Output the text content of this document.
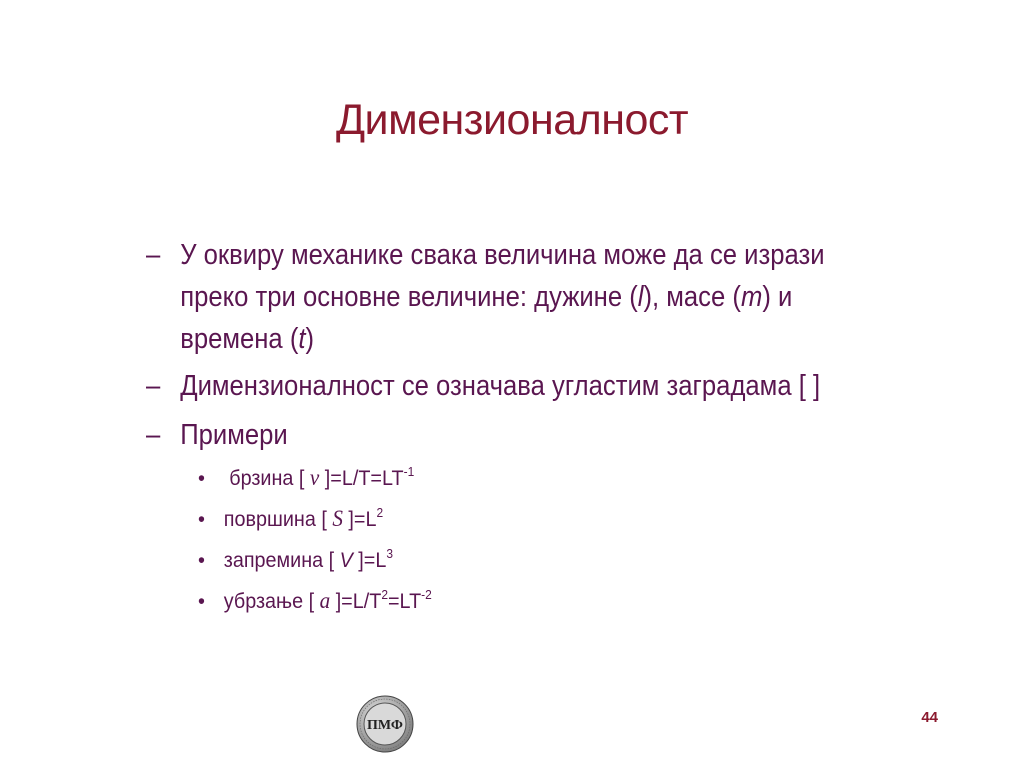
Димензионалност
– У оквиру механике свака величина може да се изрази преко три основне величине: дужине (l), масе (m) и времена (t)
– Димензионалност се означава угластим заградама [ ]
– Примери
• брзина [ v ]$=L/T=LT^{-1}$
• површина [ S ]$=L^2$
• запремина [ V ]$=L^3$
• убрзање [ a ]$=L/T^2=LT^{-2}$
ПМФ	44
